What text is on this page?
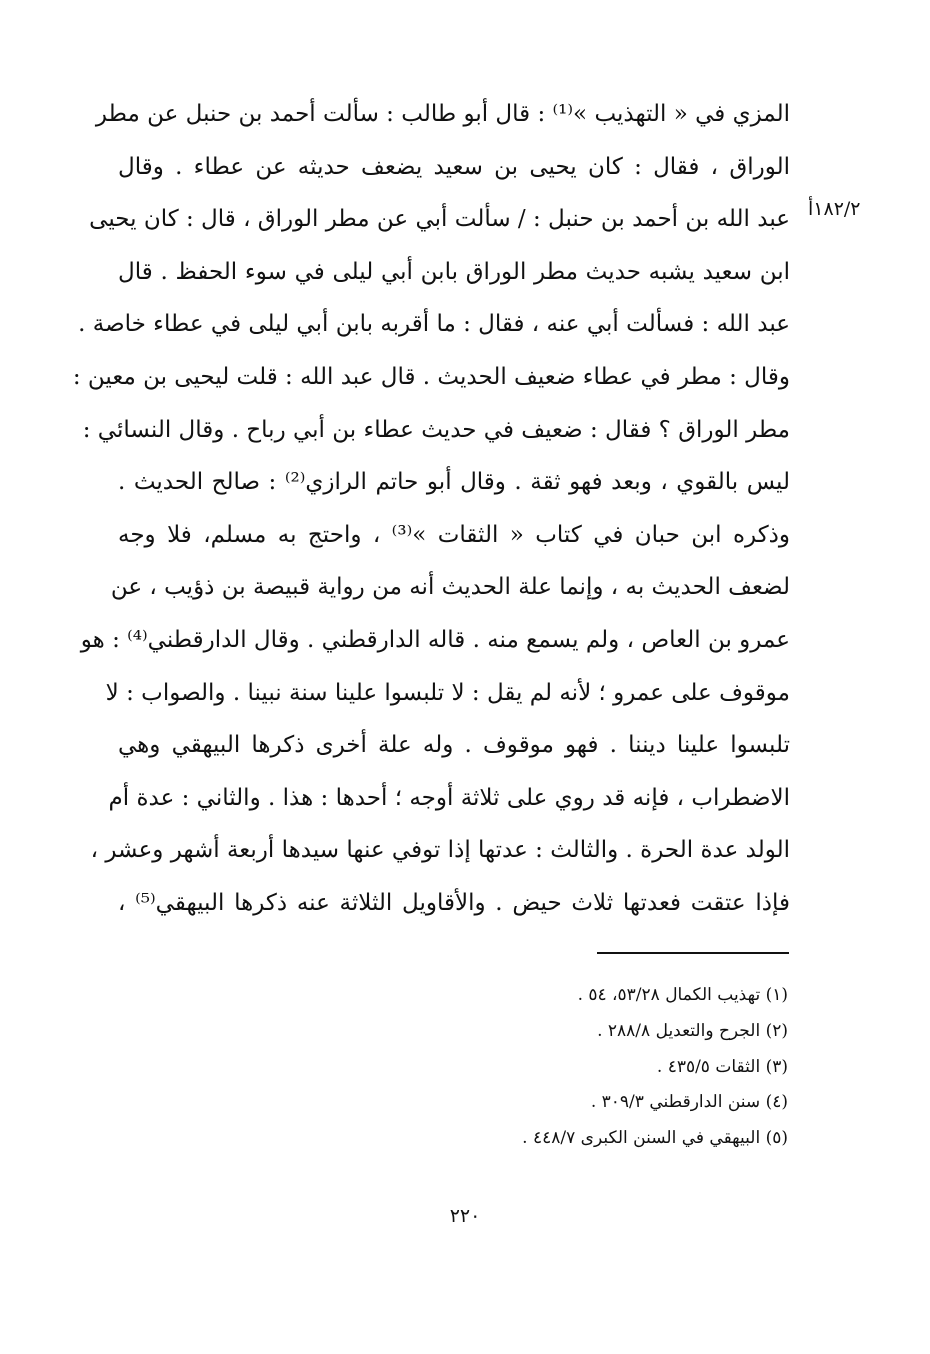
١٨٢/٢أ
المزي في « التهذيب »⁽¹⁾ : قال أبو طالب : سألت أحمد بن حنبل عن مطر
الوراق ، فقال : كان يحيى بن سعيد يضعف حديثه عن عطاء . وقال
عبد الله بن أحمد بن حنبل : / سألت أبي عن مطر الوراق ، قال : كان يحيى
ابن سعيد يشبه حديث مطر الوراق بابن أبي ليلى في سوء الحفظ . قال
عبد الله : فسألت أبي عنه ، فقال : ما أقربه بابن أبي ليلى في عطاء خاصة .
وقال : مطر في عطاء ضعيف الحديث . قال عبد الله : قلت ليحيى بن معين :
مطر الوراق ؟ فقال : ضعيف في حديث عطاء بن أبي رباح . وقال النسائي :
ليس بالقوي ، وبعد فهو ثقة . وقال أبو حاتم الرازي⁽²⁾ : صالح الحديث .
وذكره ابن حبان في كتاب « الثقات »⁽³⁾ ، واحتج به مسلم، فلا وجه
لضعف الحديث به ، وإنما علة الحديث أنه من رواية قبيصة بن ذؤيب ، عن
عمرو بن العاص ، ولم يسمع منه . قاله الدارقطني . وقال الدارقطني⁽⁴⁾ : هو
موقوف على عمرو ؛ لأنه لم يقل : لا تلبسوا علينا سنة نبينا . والصواب : لا
تلبسوا علينا ديننا . فهو موقوف . وله علة أخرى ذكرها البيهقي وهي
الاضطراب ، فإنه قد روي على ثلاثة أوجه ؛ أحدها : هذا . والثاني : عدة أم
الولد عدة الحرة . والثالث : عدتها إذا توفي عنها سيدها أربعة أشهر وعشر ،
فإذا عتقت فعدتها ثلاث حيض . والأقاويل الثلاثة عنه ذكرها البيهقي⁽⁵⁾ ،
(١) تهذيب الكمال ٥٣/٢٨، ٥٤ .
(٢) الجرح والتعديل ٢٨٨/٨ .
(٣) الثقات ٤٣٥/٥ .
(٤) سنن الدارقطني ٣٠٩/٣ .
(٥) البيهقي في السنن الكبرى ٤٤٨/٧ .
٢٢٠
